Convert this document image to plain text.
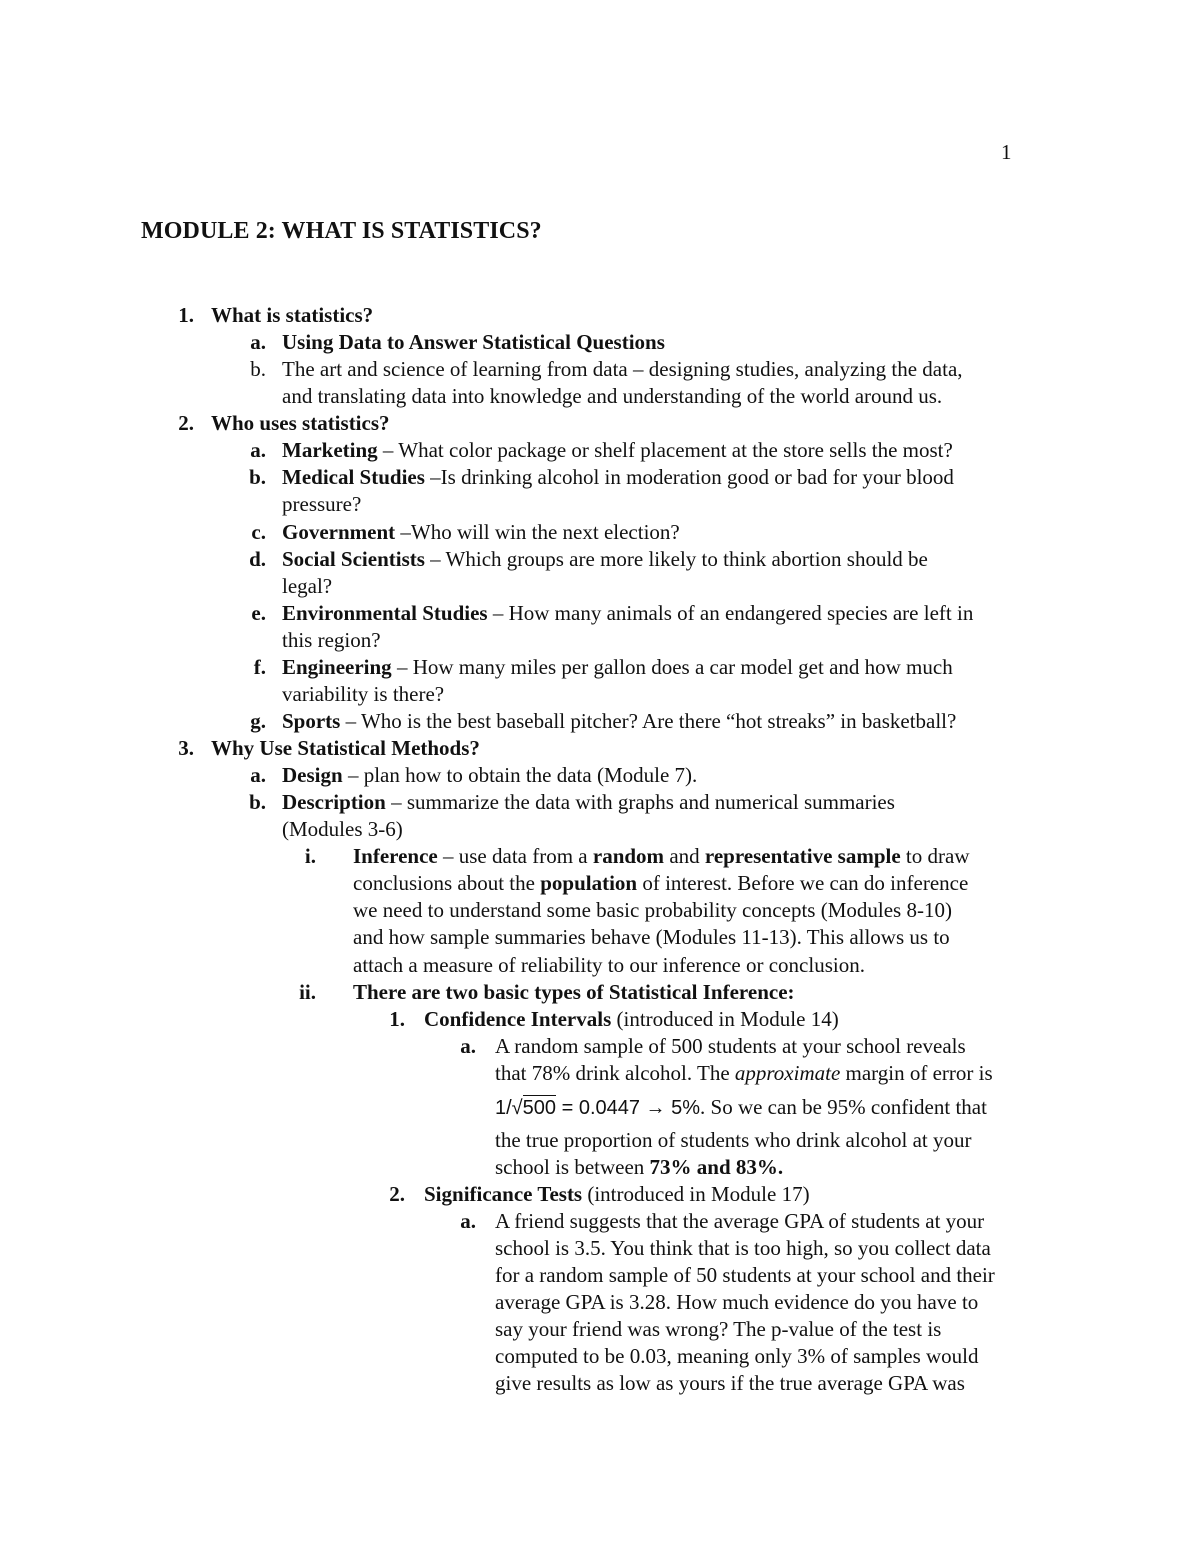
1
MODULE 2: WHAT IS STATISTICS?
1. What is statistics?
a. Using Data to Answer Statistical Questions
b. The art and science of learning from data – designing studies, analyzing the data,
and translating data into knowledge and understanding of the world around us.
2. Who uses statistics?
a. Marketing – What color package or shelf placement at the store sells the most?
b. Medical Studies –Is drinking alcohol in moderation good or bad for your blood
pressure?
c. Government –Who will win the next election?
d. Social Scientists – Which groups are more likely to think abortion should be
legal?
e. Environmental Studies – How many animals of an endangered species are left in
this region?
f. Engineering – How many miles per gallon does a car model get and how much
variability is there?
g. Sports – Who is the best baseball pitcher? Are there “hot streaks” in basketball?
3. Why Use Statistical Methods?
a. Design – plan how to obtain the data (Module 7).
b. Description – summarize the data with graphs and numerical summaries
(Modules 3-6)
i. Inference – use data from a random and representative sample to draw
conclusions about the population of interest. Before we can do inference
we need to understand some basic probability concepts (Modules 8-10)
and how sample summaries behave (Modules 11-13). This allows us to
attach a measure of reliability to our inference or conclusion.
ii. There are two basic types of Statistical Inference:
1. Confidence Intervals (introduced in Module 14)
a. A random sample of 500 students at your school reveals
that 78% drink alcohol. The approximate margin of error is
1/√500 = 0.0447 → 5%. So we can be 95% confident that
the true proportion of students who drink alcohol at your
school is between 73% and 83%.
2. Significance Tests (introduced in Module 17)
a. A friend suggests that the average GPA of students at your
school is 3.5. You think that is too high, so you collect data
for a random sample of 50 students at your school and their
average GPA is 3.28. How much evidence do you have to
say your friend was wrong? The p-value of the test is
computed to be 0.03, meaning only 3% of samples would
give results as low as yours if the true average GPA was
